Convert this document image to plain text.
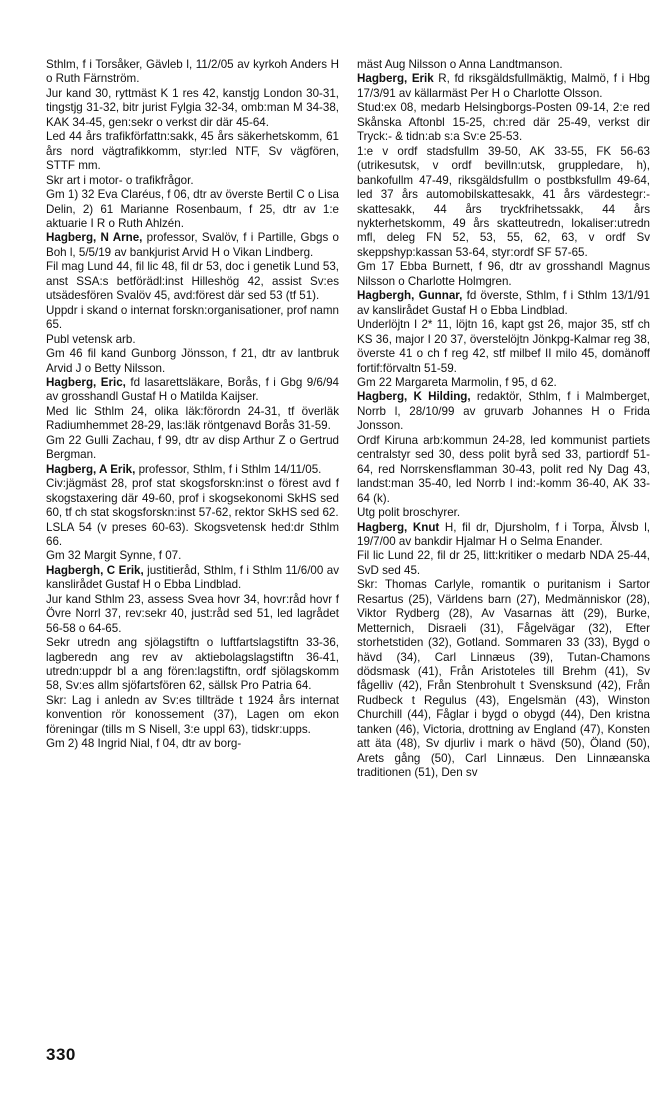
Sthlm, f i Torsåker, Gävleb l, 11/2/05 av kyrkoh Anders H o Ruth Färnström.
Jur kand 30, ryttmäst K 1 res 42, kanstjg London 30-31, tingstjg 31-32, bitr jurist Fylgia 32-34, omb:man M 34-38, KAK 34-45, gen:sekr o verkst dir där 45-64.
Led 44 års trafikförfattn:sakk, 45 års säkerhetskomm, 61 års nord vägtrafikkomm, styr:led NTF, Sv vägfören, STTF mm.
Skr art i motor- o trafikfrågor.
Gm 1) 32 Eva Claréus, f 06, dtr av överste Bertil C o Lisa Delin, 2) 61 Marianne Rosenbaum, f 25, dtr av 1:e aktuarie I R o Ruth Ahlzén.
Hagberg, N Arne, professor, Svalöv, f i Partille, Gbgs o Boh l, 5/5/19 av bankjurist Arvid H o Vikan Lindberg.
Fil mag Lund 44, fil lic 48, fil dr 53, doc i genetik Lund 53, anst SSA:s betförädl:inst Hilleshög 42, assist Sv:es utsädesfören Svalöv 45, avd:förest där sed 53 (tf 51).
Uppdr i skand o internat forskn:organisationer, prof namn 65.
Publ vetensk arb.
Gm 46 fil kand Gunborg Jönsson, f 21, dtr av lantbruk Arvid J o Betty Nilsson.
Hagberg, Eric, fd lasarettsläkare, Borås, f i Gbg 9/6/94 av grosshandl Gustaf H o Matilda Kaijser.
Med lic Sthlm 24, olika läk:förordn 24-31, tf överläk Radiumhemmet 28-29, las:läk röntgenavd Borås 31-59.
Gm 22 Gulli Zachau, f 99, dtr av disp Arthur Z o Gertrud Bergman.
Hagberg, A Erik, professor, Sthlm, f i Sthlm 14/11/05.
Civ:jägmäst 28, prof stat skogsforskn:inst o förest avd f skogstaxering där 49-60, prof i skogsekonomi SkHS sed 60, tf ch stat skogsforskn:inst 57-62, rektor SkHS sed 62.
LSLA 54 (v preses 60-63). Skogsvetensk hed:dr Sthlm 66.
Gm 32 Margit Synne, f 07.
Hagbergh, C Erik, justitieråd, Sthlm, f i Sthlm 11/6/00 av kanslirådet Gustaf H o Ebba Lindblad.
Jur kand Sthlm 23, assess Svea hovr 34, hovr:råd hovr f Övre Norrl 37, rev:sekr 40, just:råd sed 51, led lagrådet 56-58 o 64-65.
Sekr utredn ang sjölagstiftn o luftfartslagstiftn 33-36, lagberedn ang rev av aktiebolagslagstiftn 36-41, utredn:uppdr bl a ang fören:lagstiftn, ordf sjölagskomm 58, Sv:es allm sjöfartsfören 62, sällsk Pro Patria 64.
Skr: Lag i anledn av Sv:es tillträde t 1924 års internat konvention rör konossement (37), Lagen om ekon föreningar (tills m S Nisell, 3:e uppl 63), tidskr:upps.
Gm 2) 48 Ingrid Nial, f 04, dtr av borg-
mäst Aug Nilsson o Anna Landtmanson.
Hagberg, Erik R, fd riksgäldsfullmäktig, Malmö, f i Hbg 17/3/91 av källarmäst Per H o Charlotte Olsson.
Stud:ex 08, medarb Helsingborgs-Posten 09-14, 2:e red Skånska Aftonbl 15-25, ch:red där 25-49, verkst dir Tryck:- & tidn:ab s:a Sv:e 25-53.
1:e v ordf stadsfullm 39-50, AK 33-55, FK 56-63 (utrikesutsk, v ordf bevilln:utsk, gruppledare, h), bankofullm 47-49, riksgäldsfullm o postbksfullm 49-64, led 37 års automobilskattesakk, 41 års värdestegr:-skattesakk, 44 års tryckfrihetssakk, 44 års nykterhetskomm, 49 års skatteutredn, lokaliser:utredn mfl, deleg FN 52, 53, 55, 62, 63, v ordf Sv skeppshyp:kassan 53-64, styr:ordf SF 57-65.
Gm 17 Ebba Burnett, f 96, dtr av grosshandl Magnus Nilsson o Charlotte Holmgren.
Hagbergh, Gunnar, fd överste, Sthlm, f i Sthlm 13/1/91 av kanslirådet Gustaf H o Ebba Lindblad.
Underlöjtn I 2* 11, löjtn 16, kapt gst 26, major 35, stf ch KS 36, major I 20 37, överstelöjtn Jönkpg-Kalmar reg 38, överste 41 o ch f reg 42, stf milbef II milo 45, domänoff fortif:förvaltn 51-59.
Gm 22 Margareta Marmolin, f 95, d 62.
Hagberg, K Hilding, redaktör, Sthlm, f i Malmberget, Norrb l, 28/10/99 av gruvarb Johannes H o Frida Jonsson.
Ordf Kiruna arb:kommun 24-28, led kommunist partiets centralstyr sed 30, dess polit byrå sed 33, partiordf 51-64, red Norrskensflamman 30-43, polit red Ny Dag 43, landst:man 35-40, led Norrb l ind:-komm 36-40, AK 33-64 (k).
Utg polit broschyrer.
Hagberg, Knut H, fil dr, Djursholm, f i Torpa, Älvsb l, 19/7/00 av bankdir Hjalmar H o Selma Enander.
Fil lic Lund 22, fil dr 25, litt:kritiker o medarb NDA 25-44, SvD sed 45.
Skr: Thomas Carlyle, romantik o puritanism i Sartor Resartus (25), Världens barn (27), Medmänniskor (28), Viktor Rydberg (28), Av Vasarnas ätt (29), Burke, Metternich, Disraeli (31), Fågelvägar (32), Efter storhetstiden (32), Gotland. Sommaren 33 (33), Bygd o hävd (34), Carl Linnæus (39), Tutan-Chamons dödsmask (41), Från Aristoteles till Brehm (41), Sv fågelliv (42), Från Stenbrohult t Svensksund (42), Från Rudbeck t Regulus (43), Engelsmän (43), Winston Churchill (44), Fåglar i bygd o obygd (44), Den kristna tanken (46), Victoria, drottning av England (47), Konsten att äta (48), Sv djurliv i mark o hävd (50), Öland (50), Arets gång (50), Carl Linnæus. Den Linnæanska traditionen (51), Den sv
330
